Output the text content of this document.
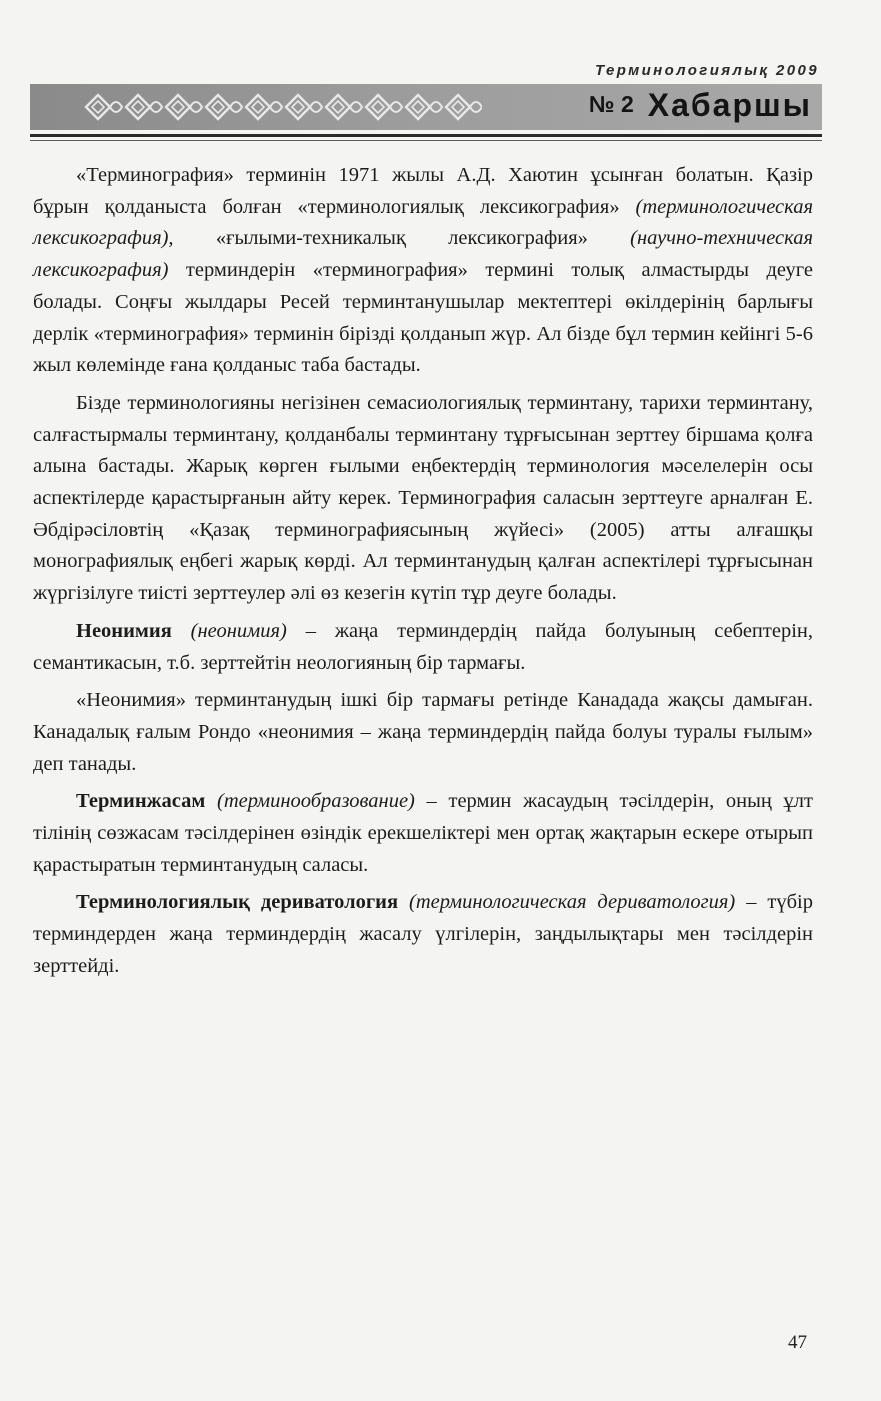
Терминологиялық 2009
№ 2 Хабаршы

«Терминография» терминін 1971 жылы А.Д. Хаютин ұсынған болатын. Қазір бұрын қолданыста болған «терминологиялық лексикография» (терминологическая лексикография), «ғылыми-техникалық лексикография» (научно-техническая лексикография) терминдерін «терминография» термині толық алмастырды деуге болады. Соңғы жылдары Ресей терминтанушылар мектептері өкілдерінің барлығы дерлік «терминография» терминін бірізді қолданып жүр. Ал бізде бұл термин кейінгі 5-6 жыл көлемінде ғана қолданыс таба бастады.

Бізде терминологияны негізінен семасиологиялық терминтану, тарихи терминтану, салғастырмалы терминтану, қолданбалы терминтану тұрғысынан зерттеу біршама қолға алына бастады. Жарық көрген ғылыми еңбектердің терминология мәселелерін осы аспектілерде қарастырғанын айту керек. Терминография саласын зерттеуге арналған Е. Әбдірәсіловтің «Қазақ терминографиясының жүйесі» (2005) атты алғашқы монографиялық еңбегі жарық көрді. Ал терминтанудың қалған аспектілері тұрғысынан жүргізілуге тиісті зерттеулер әлі өз кезегін күтіп тұр деуге болады.

Неонимия (неонимия) – жаңа терминдердің пайда болуының себептерін, семантикасын, т.б. зерттейтін неологияның бір тармағы.

«Неонимия» терминтанудың ішкі бір тармағы ретінде Канадада жақсы дамыған. Канадалық ғалым Рондо «неонимия – жаңа терминдердің пайда болуы туралы ғылым» деп танады.

Терминжасам (терминообразование) – термин жасаудың тәсілдерін, оның ұлт тілінің сөзжасам тәсілдерінен өзіндік ерекшеліктері мен ортақ жақтарын ескере отырып қарастыратын терминтанудың саласы.

Терминологиялық дериватология (терминологическая дериватология) – түбір терминдерден жаңа терминдердің жасалу үлгілерін, заңдылықтары мен тәсілдерін зерттейді.

47
